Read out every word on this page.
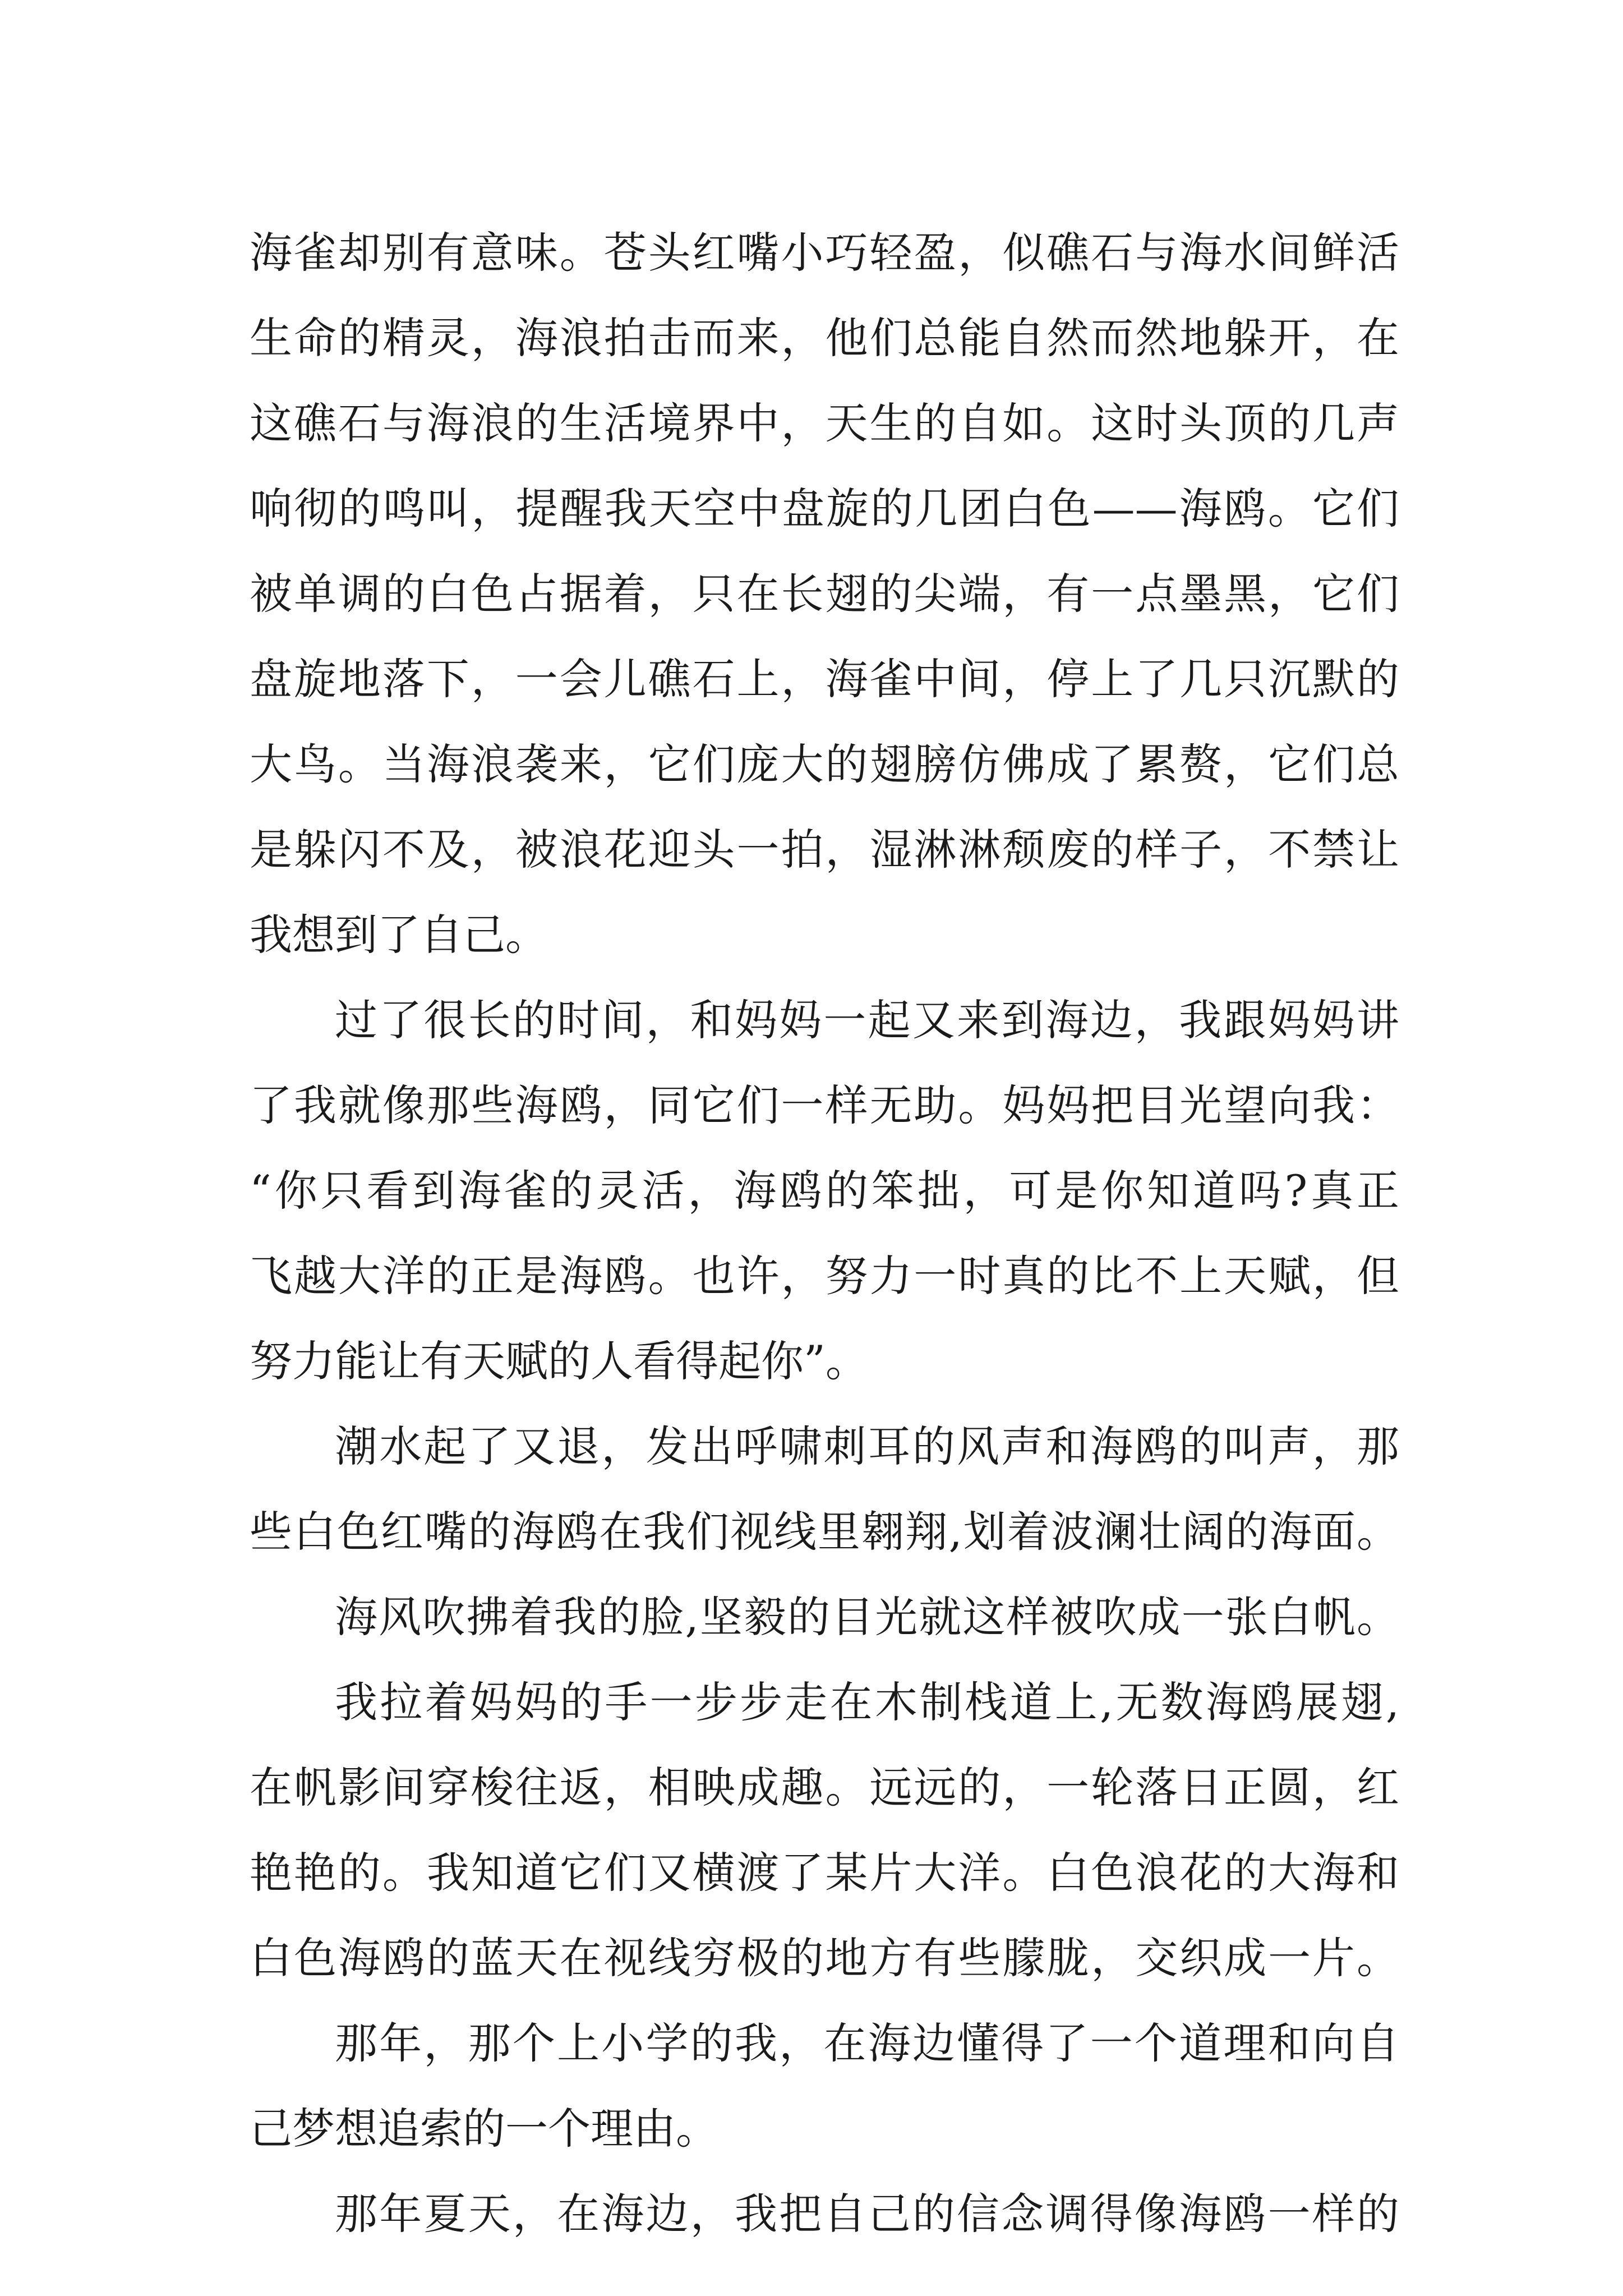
海雀却别有意味。苍头红嘴小巧轻盈，似礁石与海水间鲜活
生命的精灵，海浪拍击而来，他们总能自然而然地躲开，在
这礁石与海浪的生活境界中，天生的自如。这时头顶的几声
响彻的鸣叫，提醒我天空中盘旋的几团白色——海鸥。它们
被单调的白色占据着，只在长翅的尖端，有一点墨黑，它们
盘旋地落下，一会儿礁石上，海雀中间，停上了几只沉默的
大鸟。当海浪袭来，它们庞大的翅膀仿佛成了累赘，它们总
是躲闪不及，被浪花迎头一拍，湿淋淋颓废的样子，不禁让
我想到了自己。
过了很长的时间，和妈妈一起又来到海边，我跟妈妈讲
了我就像那些海鸥，同它们一样无助。妈妈把目光望向我：
“你只看到海雀的灵活，海鸥的笨拙，可是你知道吗?真正
飞越大洋的正是海鸥。也许，努力一时真的比不上天赋，但
努力能让有天赋的人看得起你”。
潮水起了又退，发出呼啸刺耳的风声和海鸥的叫声，那
些白色红嘴的海鸥在我们视线里翱翔,划着波澜壮阔的海面。
海风吹拂着我的脸,坚毅的目光就这样被吹成一张白帆。
我拉着妈妈的手一步步走在木制栈道上,无数海鸥展翅,
在帆影间穿梭往返，相映成趣。远远的，一轮落日正圆，红
艳艳的。我知道它们又横渡了某片大洋。白色浪花的大海和
白色海鸥的蓝天在视线穷极的地方有些朦胧，交织成一片。
那年，那个上小学的我，在海边懂得了一个道理和向自
己梦想追索的一个理由。
那年夏天，在海边，我把自己的信念调得像海鸥一样的
